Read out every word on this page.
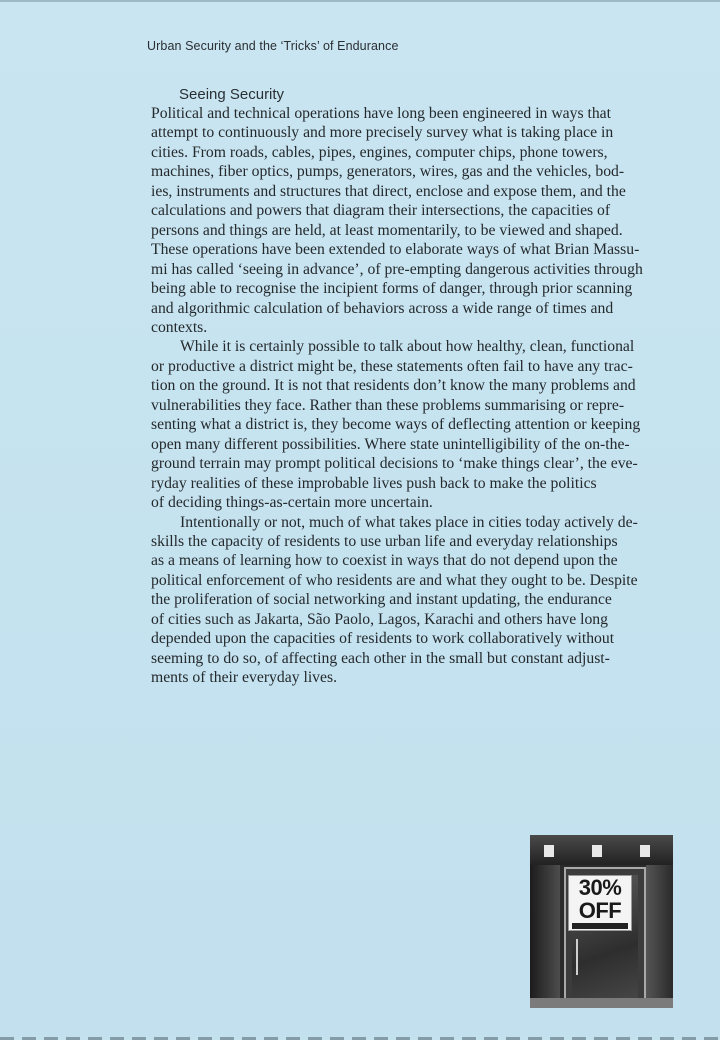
Urban Security and the ‘Tricks’ of Endurance
Seeing Security

Political and technical operations have long been engineered in ways that
attempt to continuously and more precisely survey what is taking place in
cities. From roads, cables, pipes, engines, computer chips, phone towers,
machines, fiber optics, pumps, generators, wires, gas and the vehicles, bod-
ies, instruments and structures that direct, enclose and expose them, and the
calculations and powers that diagram their intersections, the capacities of
persons and things are held, at least momentarily, to be viewed and shaped.
These operations have been extended to elaborate ways of what Brian Massu-
mi has called ‘seeing in advance’, of pre-empting dangerous activities through
being able to recognise the incipient forms of danger, through prior scanning
and algorithmic calculation of behaviors across a wide range of times and
contexts.

While it is certainly possible to talk about how healthy, clean, functional
or productive a district might be, these statements often fail to have any trac-
tion on the ground. It is not that residents don’t know the many problems and
vulnerabilities they face. Rather than these problems summarising or repre-
senting what a district is, they become ways of deflecting attention or keeping
open many different possibilities. Where state unintelligibility of the on-the-
ground terrain may prompt political decisions to ‘make things clear’, the eve-
ryday realities of these improbable lives push back to make the politics
of deciding things-as-certain more uncertain.

Intentionally or not, much of what takes place in cities today actively de-
skills the capacity of residents to use urban life and everyday relationships
as a means of learning how to coexist in ways that do not depend upon the
political enforcement of who residents are and what they ought to be. Despite
the proliferation of social networking and instant updating, the endurance
of cities such as Jakarta, São Paolo, Lagos, Karachi and others have long
depended upon the capacities of residents to work collaboratively without
seeming to do so, of affecting each other in the small but constant adjust-
ments of their everyday lives.

30%
OFF
